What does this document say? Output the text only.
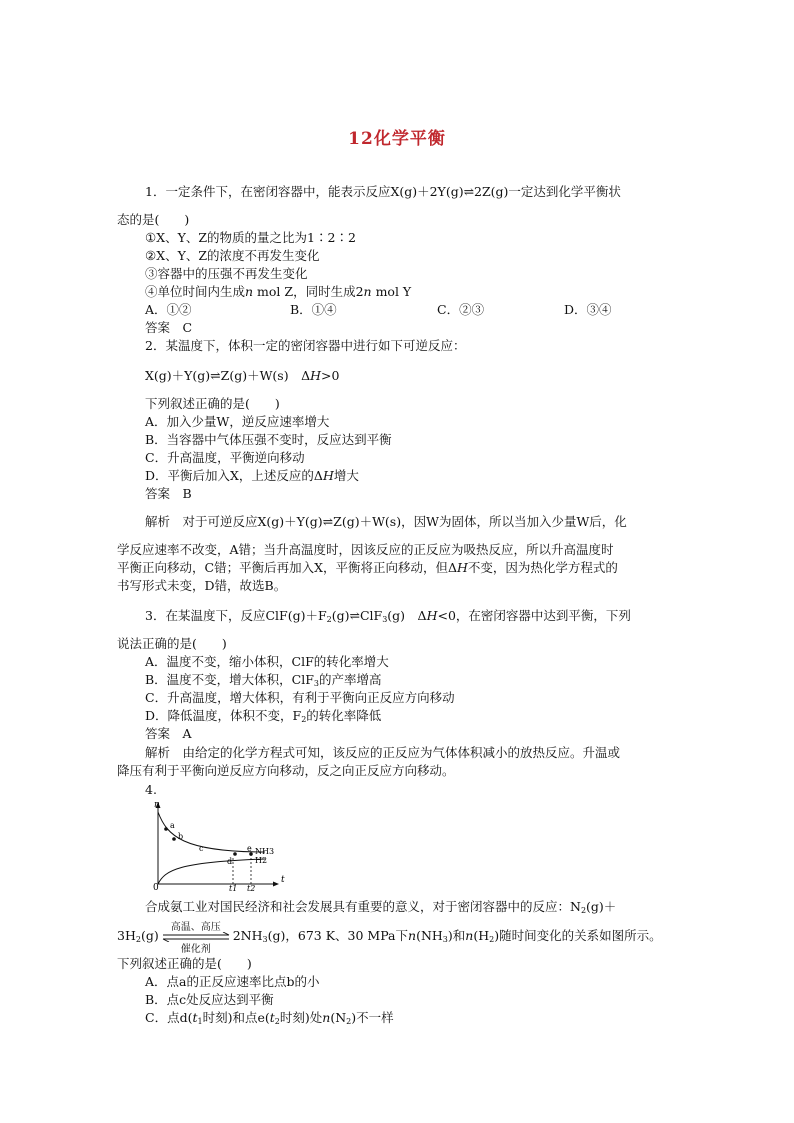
12化学平衡
1．一定条件下，在密闭容器中，能表示反应X(g)＋2Y(g)⇌2Z(g)一定达到化学平衡状
态的是(　　)
①X、Y、Z的物质的量之比为1∶2∶2
②X、Y、Z的浓度不再发生变化
③容器中的压强不再发生变化
④单位时间内生成n mol Z，同时生成2n mol Y
A．①②	B．①④	C．②③	D．③④
答案　C
2．某温度下，体积一定的密闭容器中进行如下可逆反应：
X(g)＋Y(g)⇌Z(g)＋W(s)　ΔH>0
下列叙述正确的是(　　)
A．加入少量W，逆反应速率增大
B．当容器中气体压强不变时，反应达到平衡
C．升高温度，平衡逆向移动
D．平衡后加入X，上述反应的ΔH增大
答案　B
解析　对于可逆反应X(g)＋Y(g)⇌Z(g)＋W(s)，因W为固体，所以当加入少量W后，化
学反应速率不改变，A错；当升高温度时，因该反应的正反应为吸热反应，所以升高温度时
平衡正向移动，C错；平衡后再加入X，平衡将正向移动，但ΔH不变，因为热化学方程式的
书写形式未变，D错，故选B。
3．在某温度下，反应$ClF(g)+F_2(g)\rightleftharpoons ClF_3(g)$　ΔH<0，在密闭容器中达到平衡，下列
说法正确的是(　　)
A．温度不变，缩小体积，ClF的转化率增大
B．温度不变，增大体积，ClF$_3$的产率增高
C．升高温度，增大体积，有利于平衡向正反应方向移动
D．降低温度，体积不变，$F_2$的转化率降低
答案　A
解析　由给定的化学方程式可知，该反应的正反应为气体体积减小的放热反应。升温或
降压有利于平衡向逆反应方向移动，反之向正反应方向移动。
4.
n
t
0
a
b
c
d
e NH3
H2
t1 t2
合成氨工业对国民经济和社会发展具有重要的意义，对于密闭容器中的反应：$N_2(g)+$
$3H_2(g)$
高温、高压
催化剂
$2NH_3(g)$，673 K、30 MPa下$n(NH_3)$和$n(H_2)$随时间变化的关系如图所示。
下列叙述正确的是(　　)
A．点a的正反应速率比点b的小
B．点c处反应达到平衡
C．点$d(t_1$时刻)和点$e(t_2$时刻)处$n(N_2)$不一样
